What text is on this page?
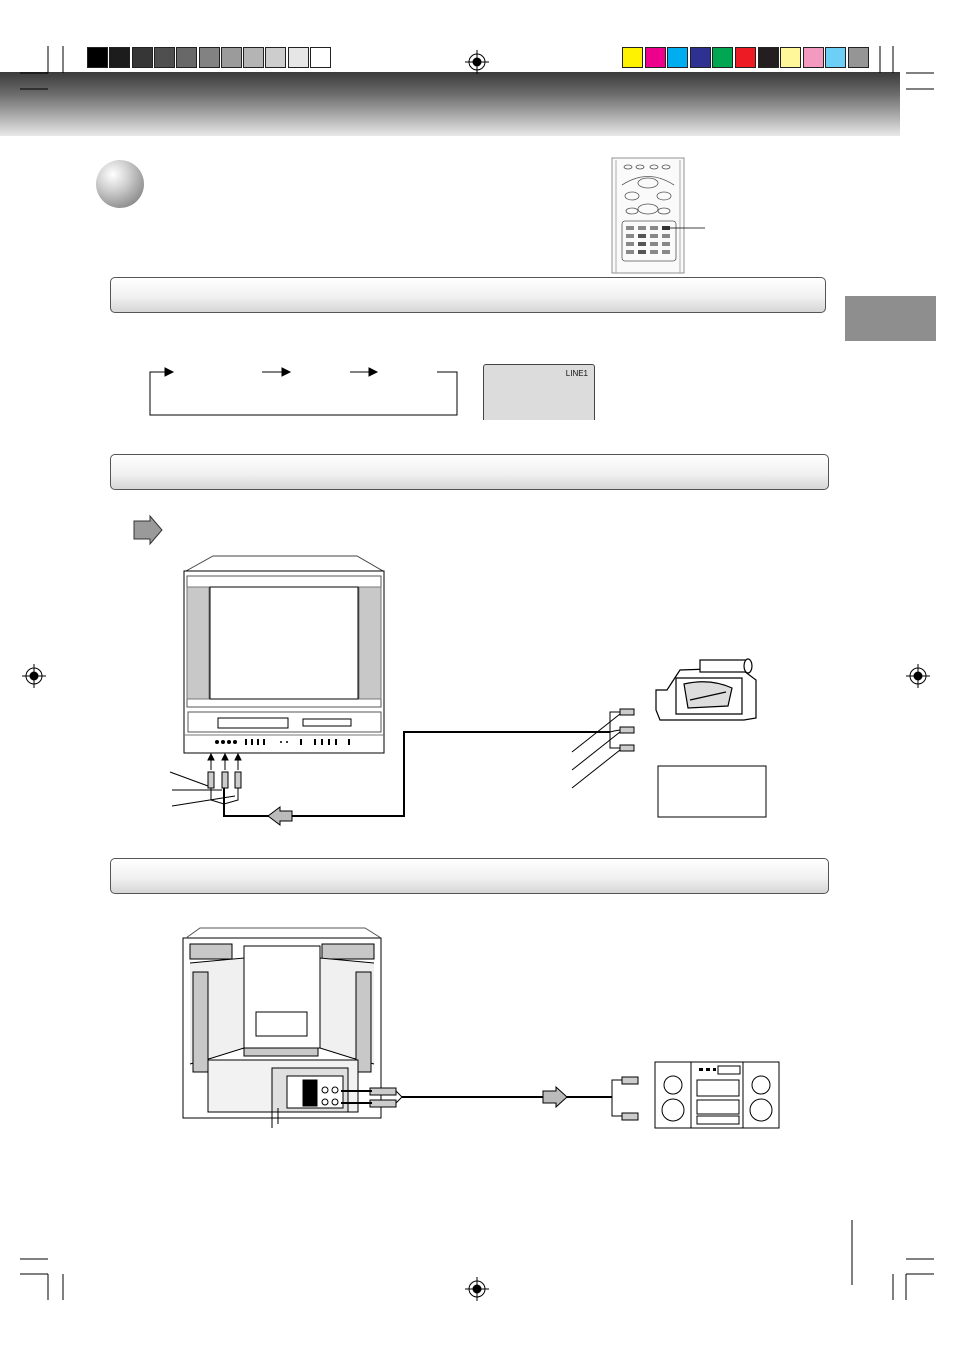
LINE1
